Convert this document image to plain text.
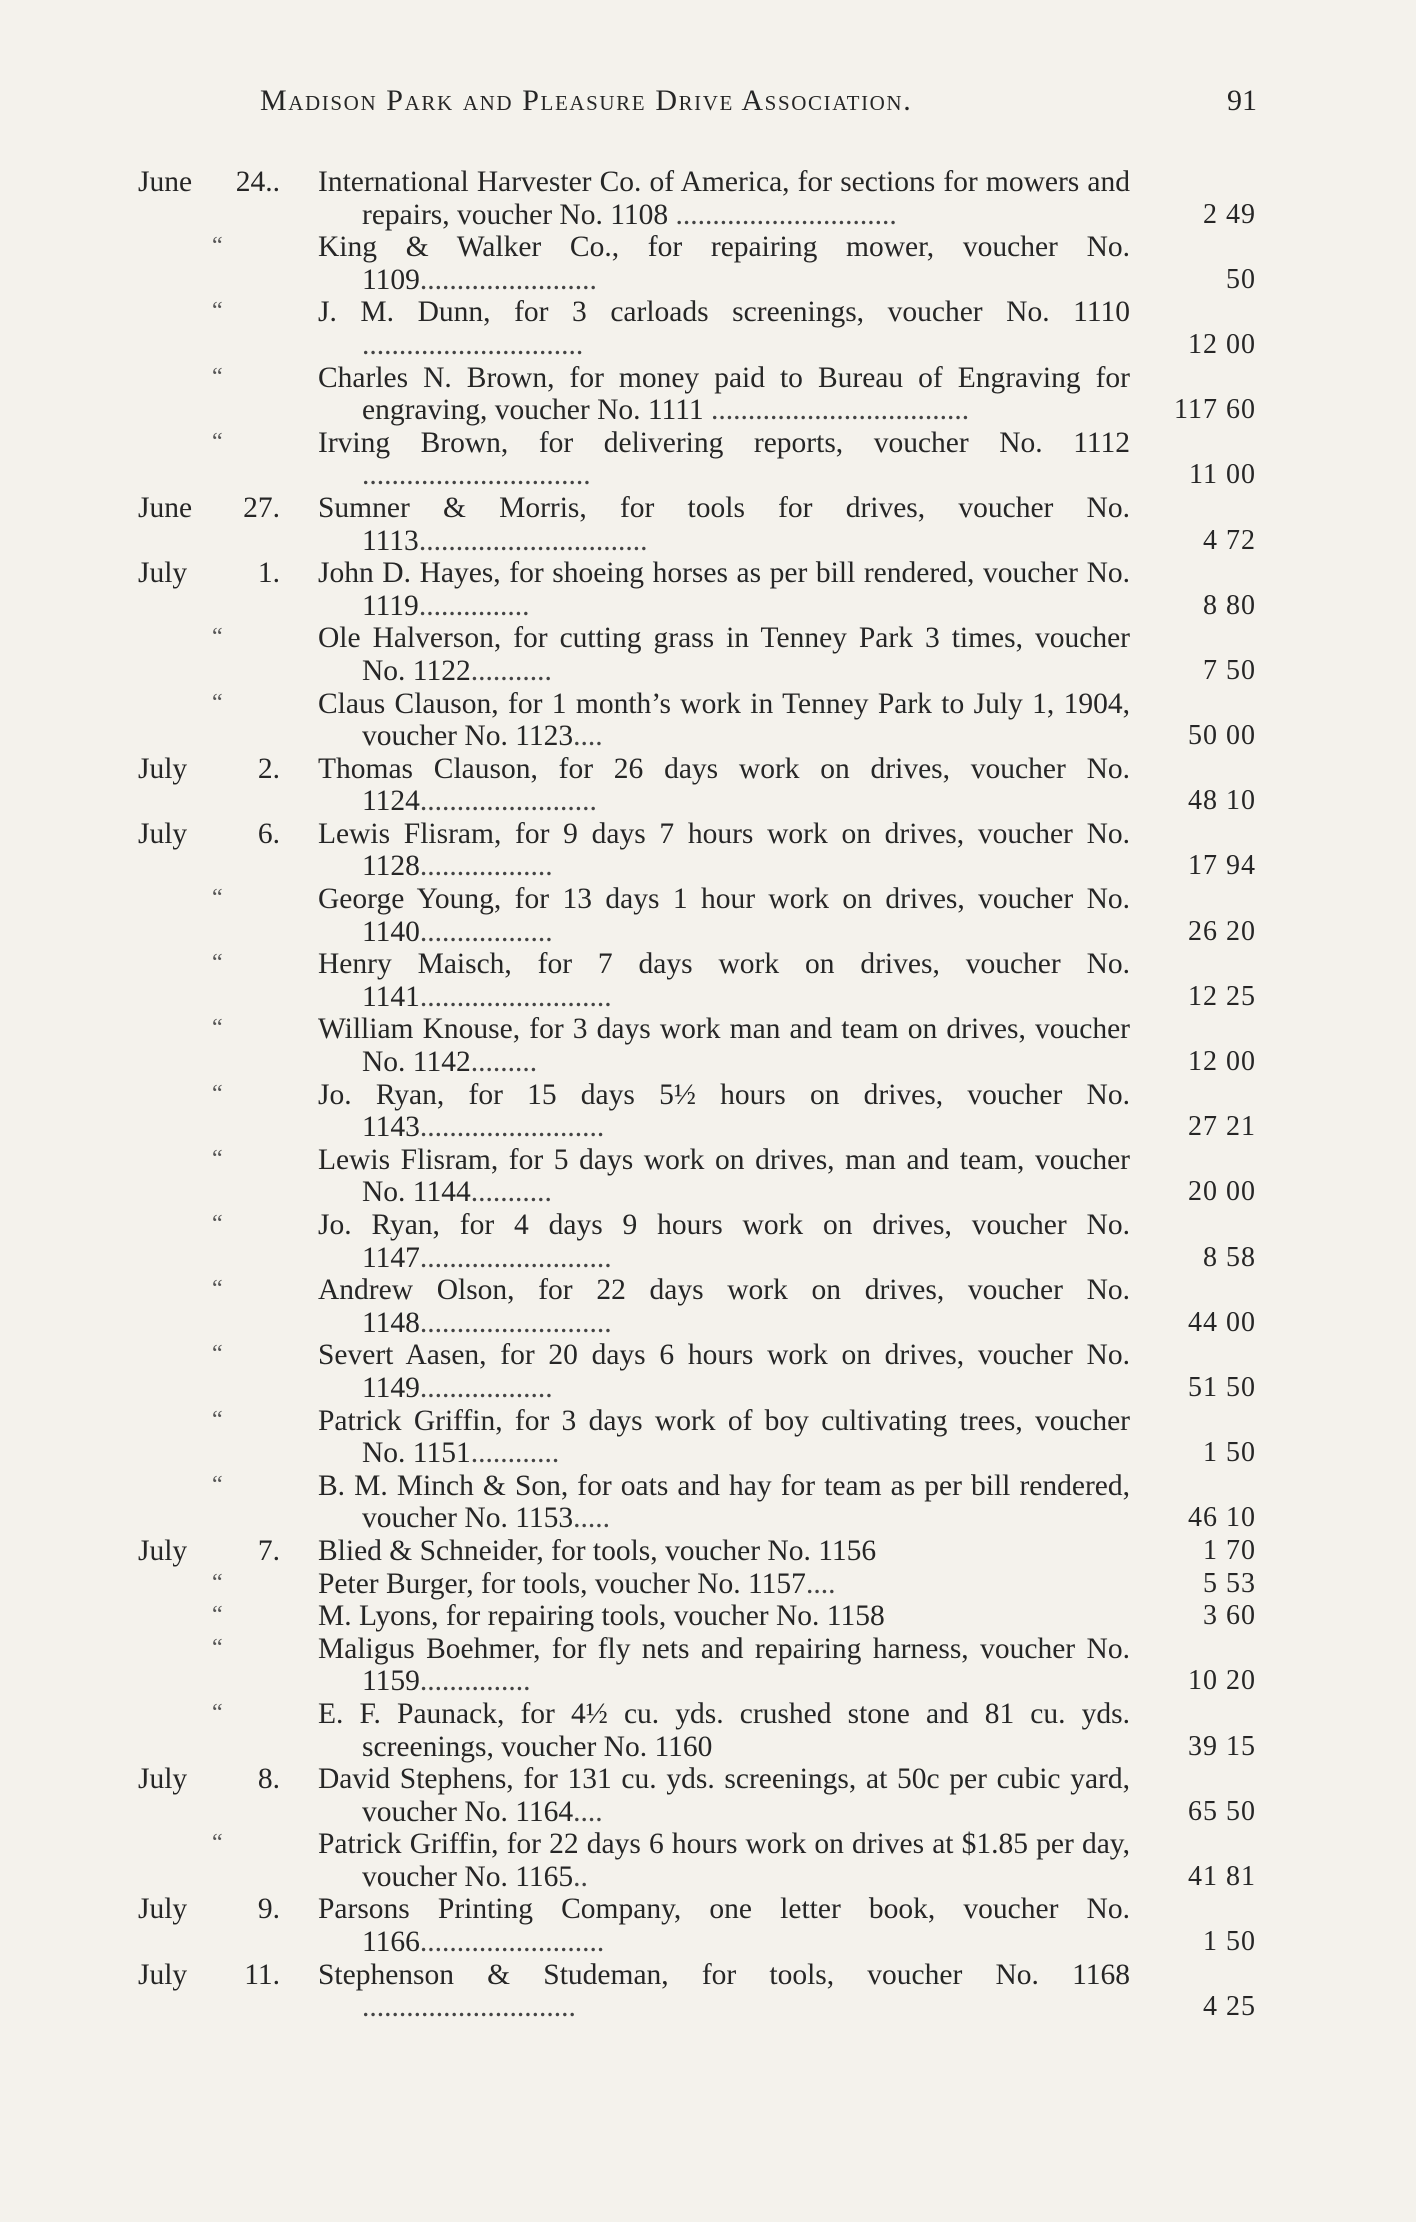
Madison Park and Pleasure Drive Association.	91
June 24.. International Harvester Co. of America, for sections for mowers and repairs, voucher No. 1108 ..............................	2 49
“	King & Walker Co., for repairing mower, voucher No. 1109........................	50
“	J. M. Dunn, for 3 carloads screenings, voucher No. 1110 ..............................	12 00
“	Charles N. Brown, for money paid to Bureau of Engraving for engraving, voucher No. 1111 ...................................	117 60
“	Irving Brown, for delivering reports, voucher No. 1112 ...............................	11 00
June 27. Sumner & Morris, for tools for drives, voucher No. 1113...............................	4 72
July 1. John D. Hayes, for shoeing horses as per bill rendered, voucher No. 1119...............	8 80
“	Ole Halverson, for cutting grass in Tenney Park 3 times, voucher No. 1122...........	7 50
“	Claus Clauson, for 1 month’s work in Tenney Park to July 1, 1904, voucher No. 1123....	50 00
July 2. Thomas Clauson, for 26 days work on drives, voucher No. 1124........................	48 10
July 6. Lewis Flisram, for 9 days 7 hours work on drives, voucher No. 1128..................	17 94
“	George Young, for 13 days 1 hour work on drives, voucher No. 1140..................	26 20
“	Henry Maisch, for 7 days work on drives, voucher No. 1141..........................	12 25
“	William Knouse, for 3 days work man and team on drives, voucher No. 1142.........	12 00
“	Jo. Ryan, for 15 days 5½ hours on drives, voucher No. 1143.........................	27 21
“	Lewis Flisram, for 5 days work on drives, man and team, voucher No. 1144...........	20 00
“	Jo. Ryan, for 4 days 9 hours work on drives, voucher No. 1147..........................	8 58
“	Andrew Olson, for 22 days work on drives, voucher No. 1148..........................	44 00
“	Severt Aasen, for 20 days 6 hours work on drives, voucher No. 1149..................	51 50
“	Patrick Griffin, for 3 days work of boy cultivating trees, voucher No. 1151............	1 50
“	B. M. Minch & Son, for oats and hay for team as per bill rendered, voucher No. 1153.....	46 10
July 7. Blied & Schneider, for tools, voucher No. 1156	1 70
“	Peter Burger, for tools, voucher No. 1157....	5 53
“	M. Lyons, for repairing tools, voucher No. 1158	3 60
“	Maligus Boehmer, for fly nets and repairing harness, voucher No. 1159...............	10 20
“	E. F. Paunack, for 4½ cu. yds. crushed stone and 81 cu. yds. screenings, voucher No. 1160	39 15
July 8. David Stephens, for 131 cu. yds. screenings, at 50c per cubic yard, voucher No. 1164....	65 50
“	Patrick Griffin, for 22 days 6 hours work on drives at $1.85 per day, voucher No. 1165..	41 81
July 9. Parsons Printing Company, one letter book, voucher No. 1166.........................	1 50
July 11. Stephenson & Studeman, for tools, voucher No. 1168 .............................	4 25
